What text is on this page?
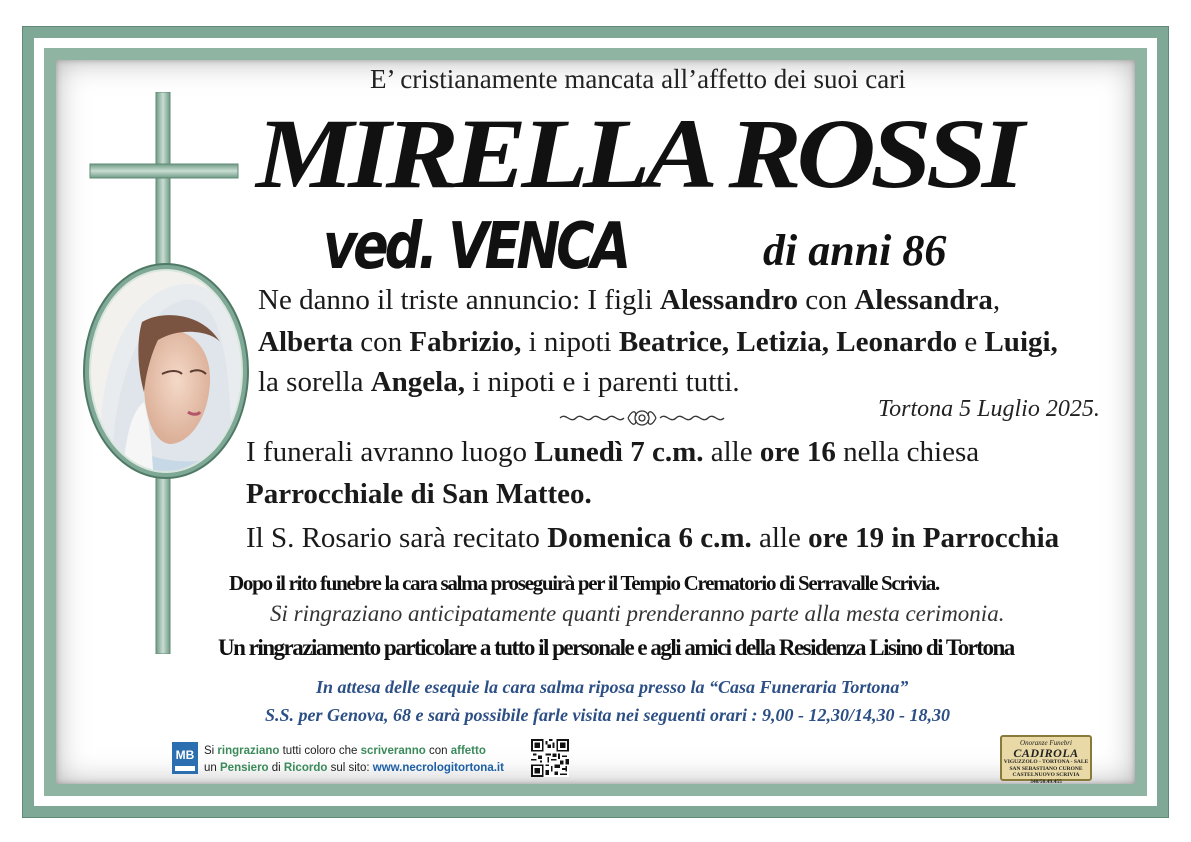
E’ cristianamente mancata all’affetto dei suoi cari
MIRELLA ROSSI
ved. VENCA	di anni 86
Ne danno il triste annuncio: I figli Alessandro con Alessandra,
Alberta con Fabrizio, i nipoti Beatrice, Letizia, Leonardo e Luigi,
la sorella Angela, i nipoti e i parenti tutti.
Tortona 5 Luglio 2025.
I funerali avranno luogo Lunedì 7 c.m. alle ore 16 nella chiesa
Parrocchiale di San Matteo.
Il S. Rosario sarà recitato Domenica 6 c.m. alle ore 19 in Parrocchia
Dopo il rito funebre la cara salma proseguirà per il Tempio Crematorio di Serravalle Scrivia.
Si ringraziano anticipatamente quanti prenderanno parte alla mesta cerimonia.
Un ringraziamento particolare a tutto il personale e agli amici della Residenza Lisino di Tortona
In attesa delle esequie la cara salma riposa presso la “Casa Funeraria Tortona”
S.S. per Genova, 68 e sarà possibile farle visita nei seguenti orari : 9,00 - 12,30/14,30 - 18,30
MB Si ringraziano tutti coloro che scriveranno con affetto
un Pensiero di Ricordo sul sito: www.necrologitortona.it
Onoranze Funebri
CADIROLA
VIGUZZOLO - TORTONA - SALE
SAN SEBASTIANO CURONE
CASTELNUOVO SCRIVIA
340/50.49.455
